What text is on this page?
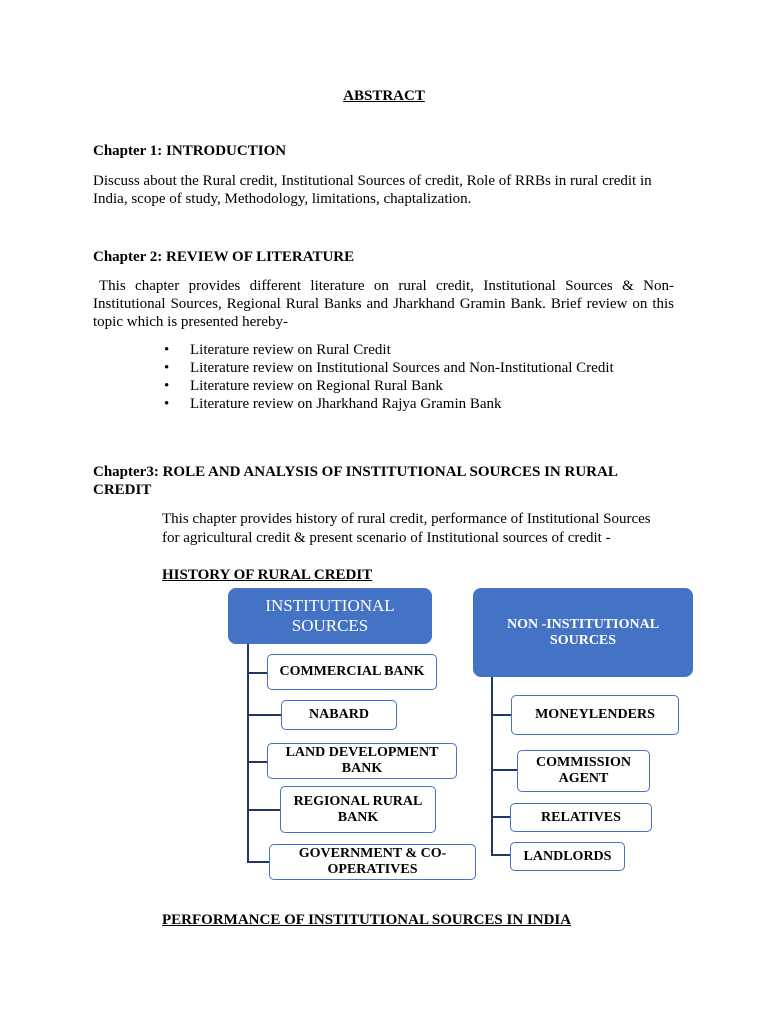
ABSTRACT
Chapter 1: INTRODUCTION
Discuss about the Rural credit, Institutional Sources of credit, Role of RRBs in rural credit in
India, scope of study, Methodology, limitations, chaptalization.
Chapter 2: REVIEW OF LITERATURE
This chapter provides different literature on rural credit, Institutional Sources & Non-Institutional Sources, Regional Rural Banks and Jharkhand Gramin Bank. Brief review on this topic which is presented hereby-
• Literature review on Rural Credit
• Literature review on Institutional Sources and Non-Institutional Credit
• Literature review on Regional Rural Bank
• Literature review on Jharkhand Rajya Gramin Bank
Chapter3: ROLE AND ANALYSIS OF INSTITUTIONAL SOURCES IN RURAL
CREDIT
This chapter provides history of rural credit, performance of Institutional Sources
for agricultural credit & present scenario of Institutional sources of credit -
HISTORY OF RURAL CREDIT
INSTITUTIONAL
SOURCES
COMMERCIAL BANK
NABARD
LAND DEVELOPMENT BANK
REGIONAL RURAL BANK
GOVERNMENT & CO-OPERATIVES
NON -INSTITUTIONAL
SOURCES
MONEYLENDERS
COMMISSION AGENT
RELATIVES
LANDLORDS
PERFORMANCE OF INSTITUTIONAL SOURCES IN INDIA
